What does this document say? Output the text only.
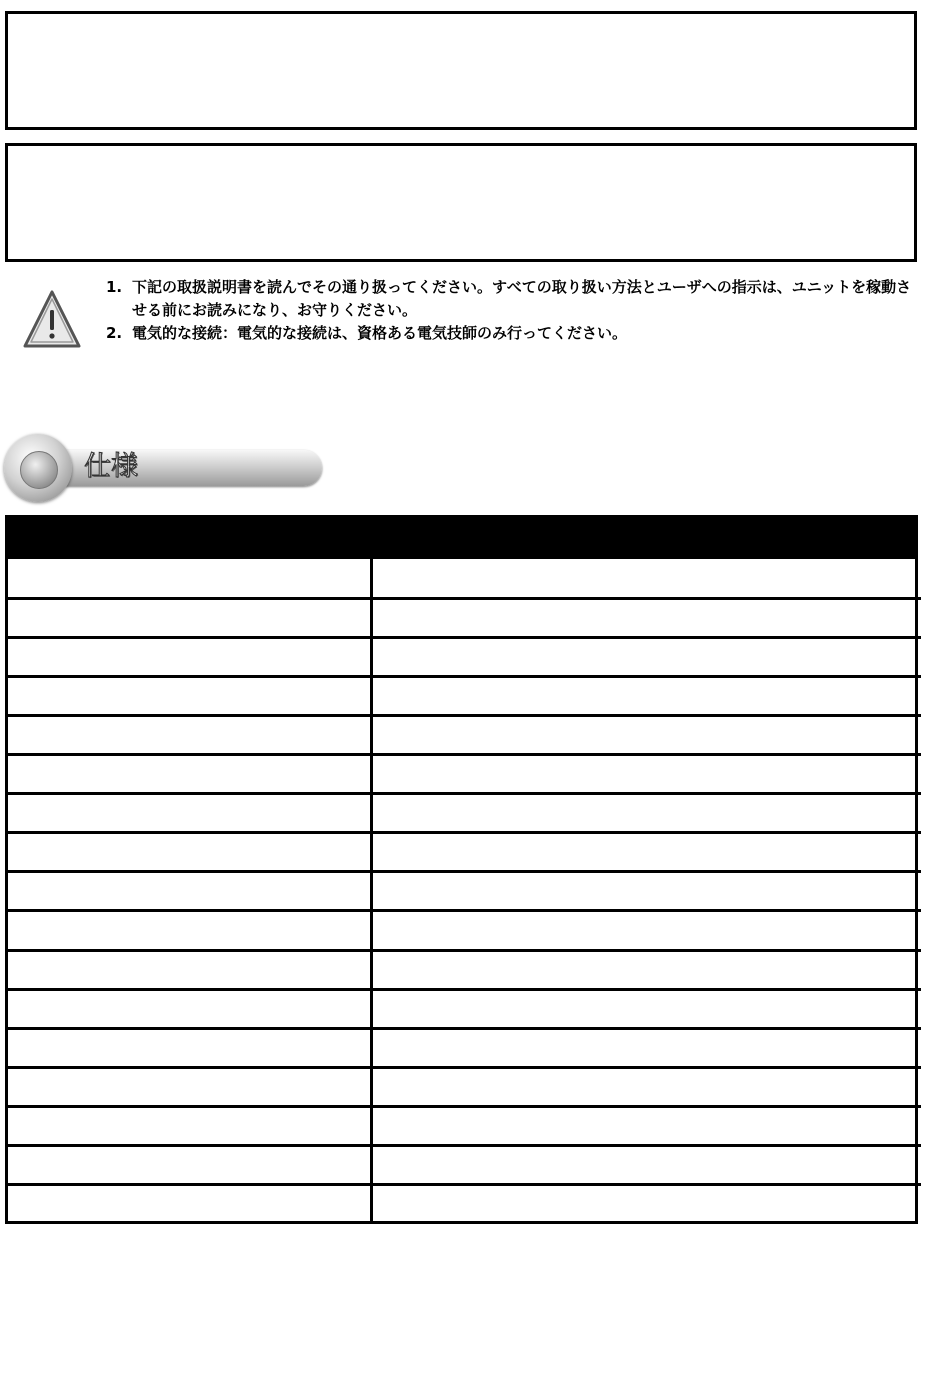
1. 下記の取扱説明書を読んでその通り扱ってください。すべての取り扱い方法とユーザへの指示は、ユニットを稼動させる前にお読みになり、お守りください。
2. 電気的な接続：電気的な接続は、資格ある電気技師のみ行ってください。
仕様
